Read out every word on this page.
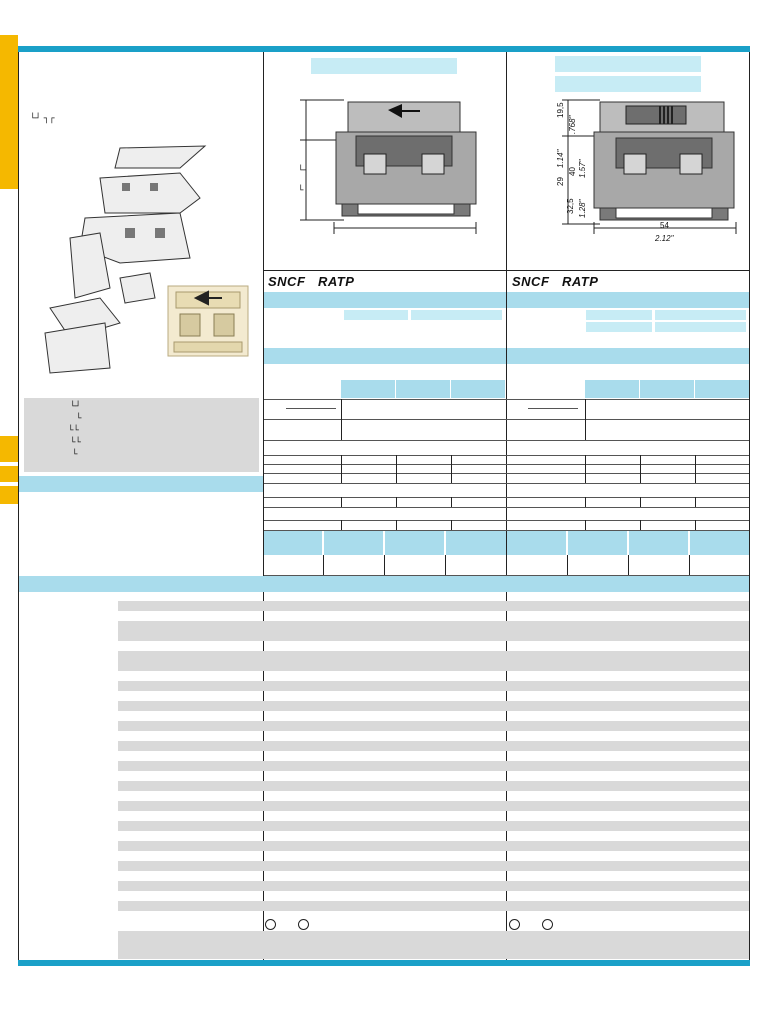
└┘ ┐┌
└┘
└
└└
└└
└
└┘
└
19,5
.768"
29
1.14"
40 1.57"
32,5 1.28"
54
2.12"
SNCF RATP	SNCF RATP
